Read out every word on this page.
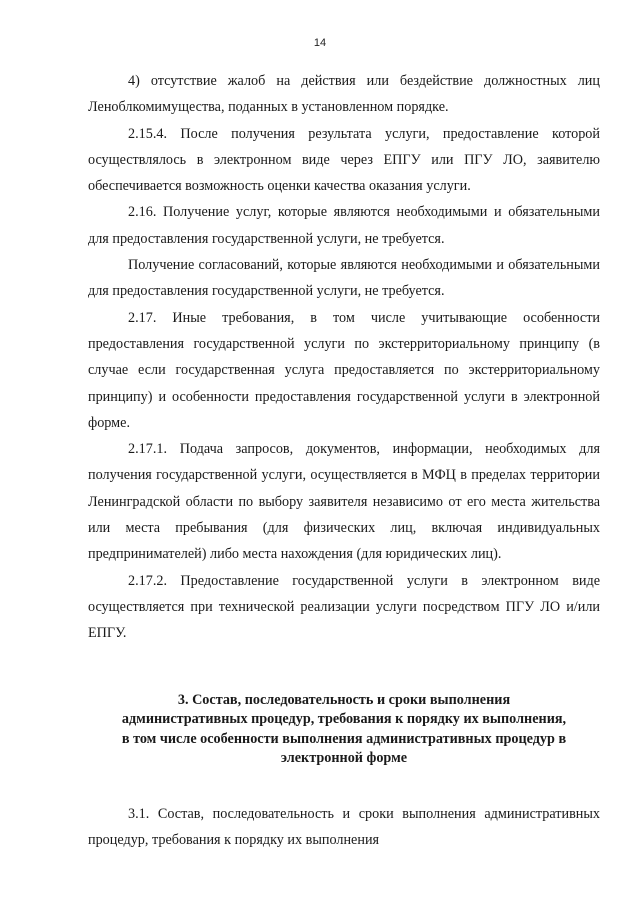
14

4) отсутствие жалоб на действия или бездействие должностных лиц Леноблкомимущества, поданных в установленном порядке.

2.15.4. После получения результата услуги, предоставление которой осуществлялось в электронном виде через ЕПГУ или ПГУ ЛО, заявителю обеспечивается возможность оценки качества оказания услуги.

2.16. Получение услуг, которые являются необходимыми и обязательными для предоставления государственной услуги, не требуется.

Получение согласований, которые являются необходимыми и обязательными для предоставления государственной услуги, не требуется.

2.17. Иные требования, в том числе учитывающие особенности предоставления государственной услуги по экстерриториальному принципу (в случае если государственная услуга предоставляется по экстерриториальному принципу) и особенности предоставления государственной услуги в электронной форме.

2.17.1. Подача запросов, документов, информации, необходимых для получения государственной услуги, осуществляется в МФЦ в пределах территории Ленинградской области по выбору заявителя независимо от его места жительства или места пребывания (для физических лиц, включая индивидуальных предпринимателей) либо места нахождения (для юридических лиц).

2.17.2. Предоставление государственной услуги в электронном виде осуществляется при технической реализации услуги посредством ПГУ ЛО и/или ЕПГУ.

3. Состав, последовательность и сроки выполнения административных процедур, требования к порядку их выполнения, в том числе особенности выполнения административных процедур в электронной форме

3.1. Состав, последовательность и сроки выполнения административных процедур, требования к порядку их выполнения
